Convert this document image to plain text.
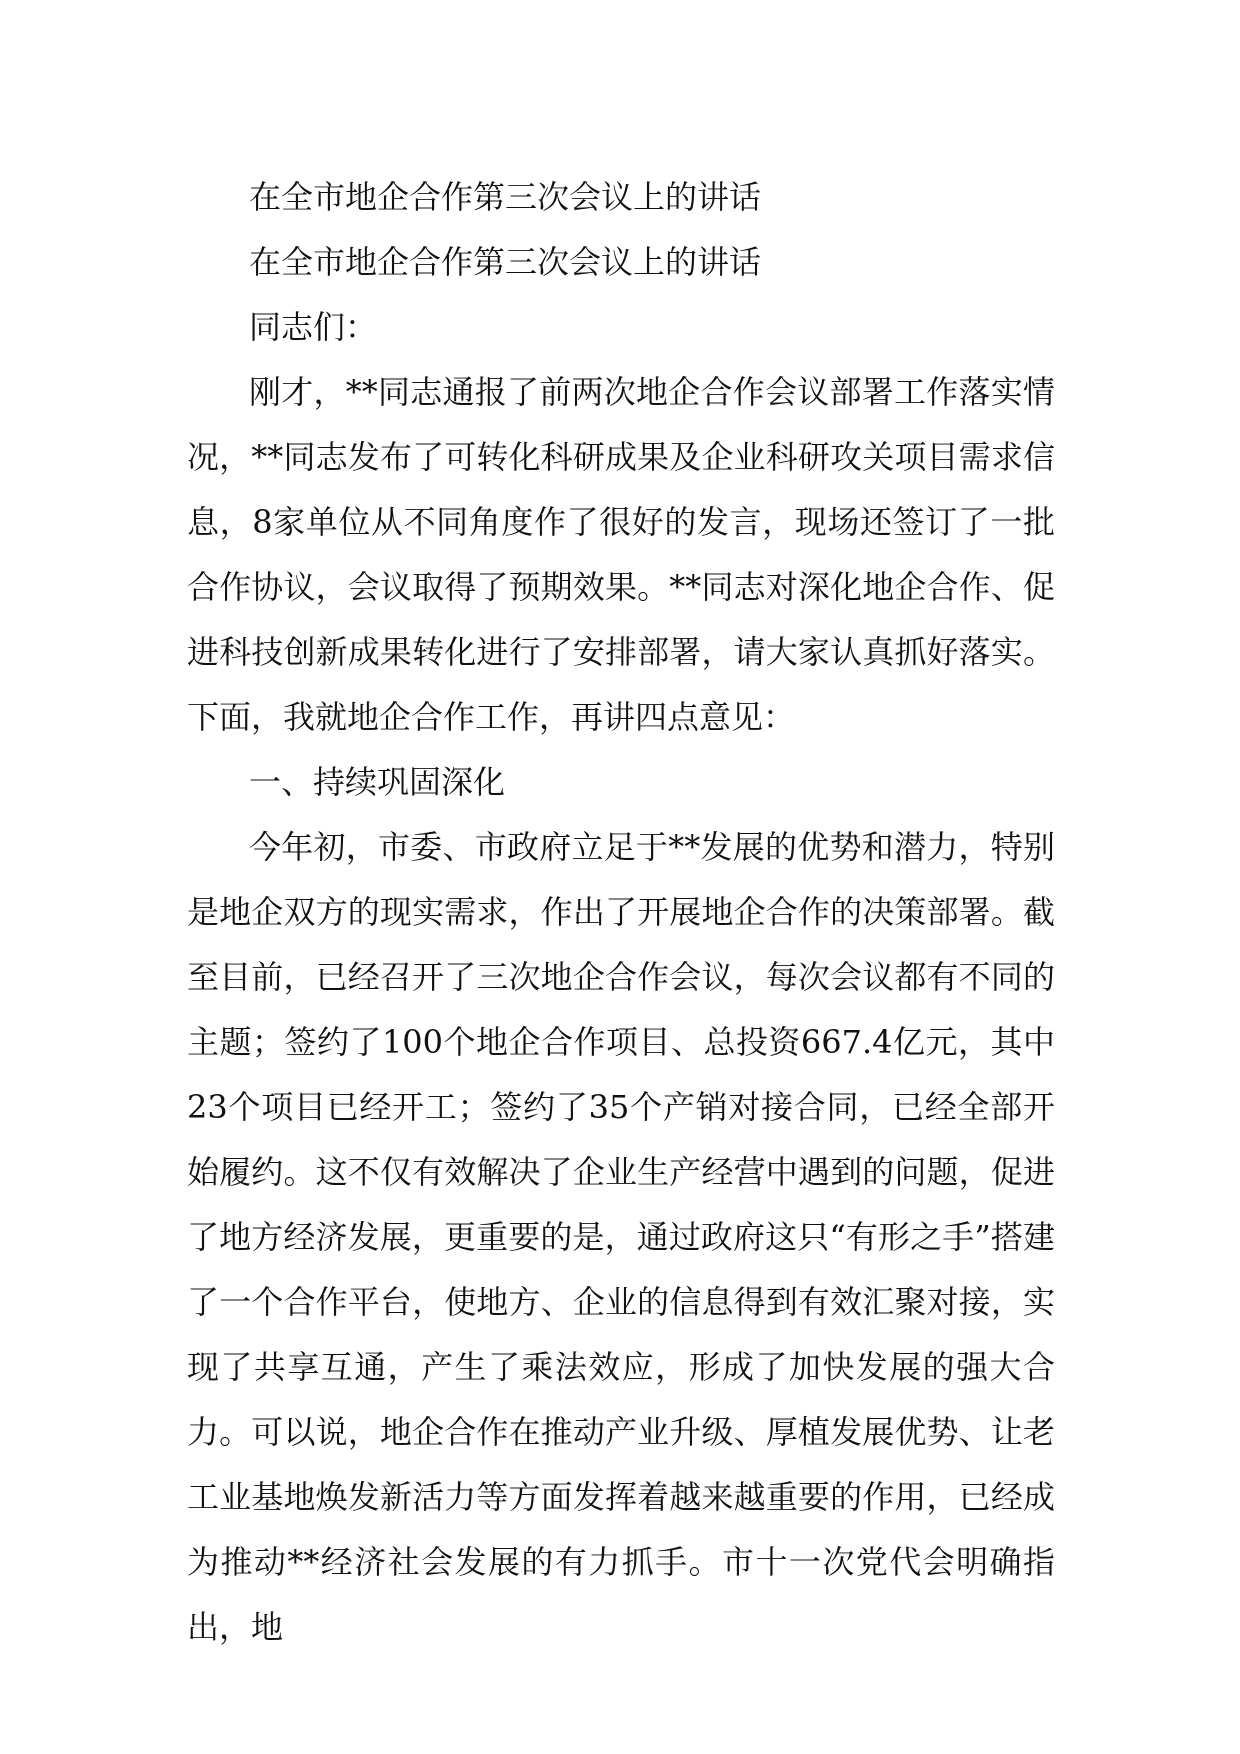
在全市地企合作第三次会议上的讲话

在全市地企合作第三次会议上的讲话

同志们：

刚才，**同志通报了前两次地企合作会议部署工作落实情况，**同志发布了可转化科研成果及企业科研攻关项目需求信息，8家单位从不同角度作了很好的发言，现场还签订了一批合作协议，会议取得了预期效果。**同志对深化地企合作、促进科技创新成果转化进行了安排部署，请大家认真抓好落实。下面，我就地企合作工作，再讲四点意见：

一、持续巩固深化

今年初，市委、市政府立足于**发展的优势和潜力，特别是地企双方的现实需求，作出了开展地企合作的决策部署。截至目前，已经召开了三次地企合作会议，每次会议都有不同的主题；签约了100个地企合作项目、总投资667.4亿元，其中23个项目已经开工；签约了35个产销对接合同，已经全部开始履约。这不仅有效解决了企业生产经营中遇到的问题，促进了地方经济发展，更重要的是，通过政府这只“有形之手”搭建了一个合作平台，使地方、企业的信息得到有效汇聚对接，实现了共享互通，产生了乘法效应，形成了加快发展的强大合力。可以说，地企合作在推动产业升级、厚植发展优势、让老工业基地焕发新活力等方面发挥着越来越重要的作用，已经成为推动**经济社会发展的有力抓手。市十一次党代会明确指出，地
